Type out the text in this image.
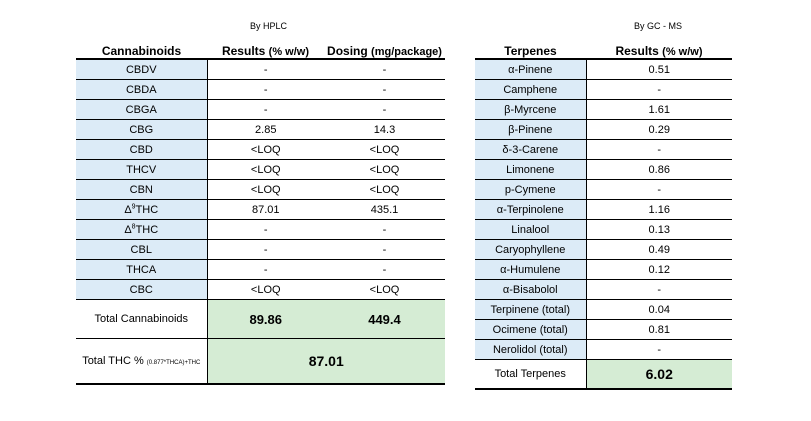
By HPLC	By GC - MS
Cannabinoids	Results (% w/w)	Dosing (mg/package)
CBDV	-	-
CBDA	-	-
CBGA	-	-
CBG	2.85	14.3
CBD	<LOQ	<LOQ
THCV	<LOQ	<LOQ
CBN	<LOQ	<LOQ
$\Delta^9THC$	87.01	435.1
$\Delta^8THC$	-	-
CBL	-	-
THCA	-	-
CBC	<LOQ	<LOQ
Total Cannabinoids	89.86	449.4
Total THC % (0.877*THCA)+THC	87.01	
Terpenes	Results (% w/w)
α-Pinene	0.51
Camphene	-
β-Myrcene	1.61
β-Pinene	0.29
δ-3-Carene	-
Limonene	0.86
p-Cymene	-
α-Terpinolene	1.16
Linalool	0.13
Caryophyllene	0.49
α-Humulene	0.12
α-Bisabolol	-
Terpinene (total)	0.04
Ocimene (total)	0.81
Nerolidol (total)	-
Total Terpenes	6.02
